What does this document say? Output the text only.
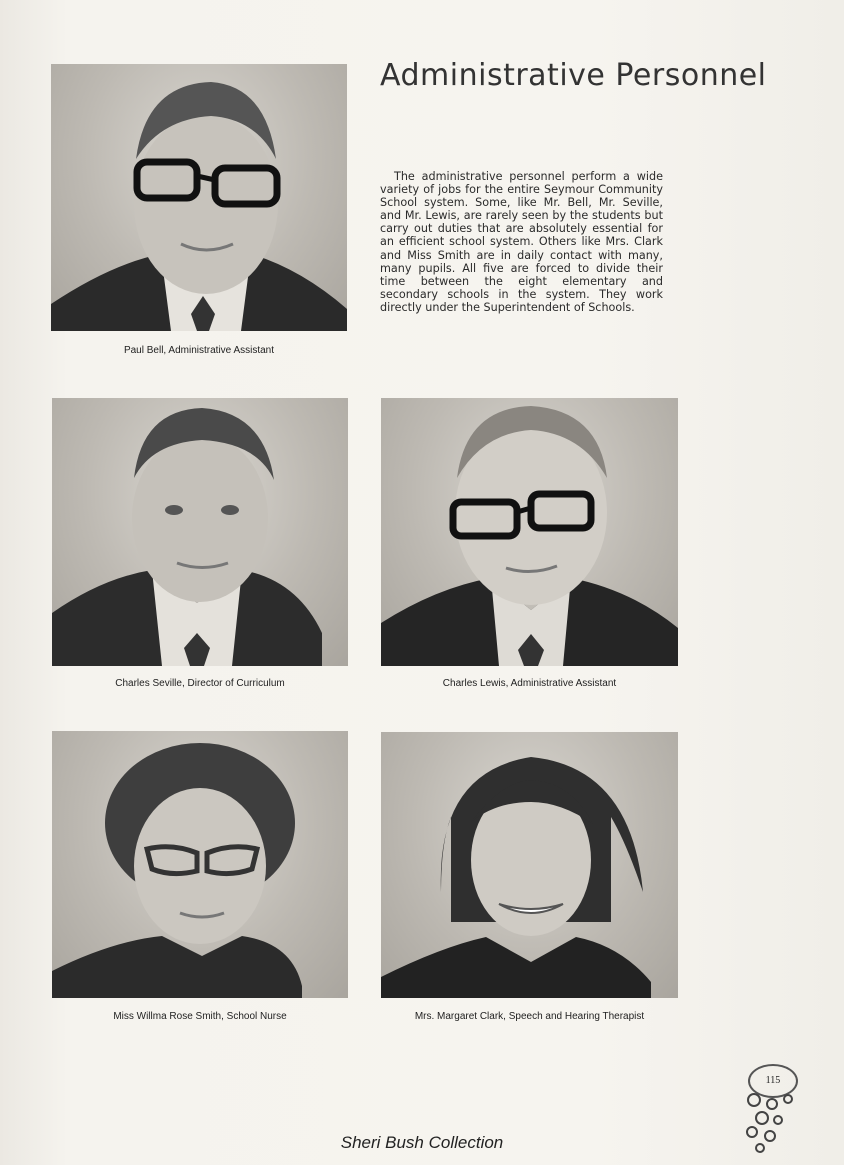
Administrative Personnel
The administrative personnel perform a wide variety of jobs for the entire Seymour Community School system. Some, like Mr. Bell, Mr. Seville, and Mr. Lewis, are rarely seen by the students but carry out duties that are absolutely essential for an efficient school system. Others like Mrs. Clark and Miss Smith are in daily contact with many, many pupils. All five are forced to divide their time between the eight elementary and secondary schools in the system. They work directly under the Superintendent of Schools.
Paul Bell, Administrative Assistant
Charles Seville, Director of Curriculum	Charles Lewis, Administrative Assistant
Miss Willma Rose Smith, School Nurse	Mrs. Margaret Clark, Speech and Hearing Therapist
115
Sheri Bush Collection
